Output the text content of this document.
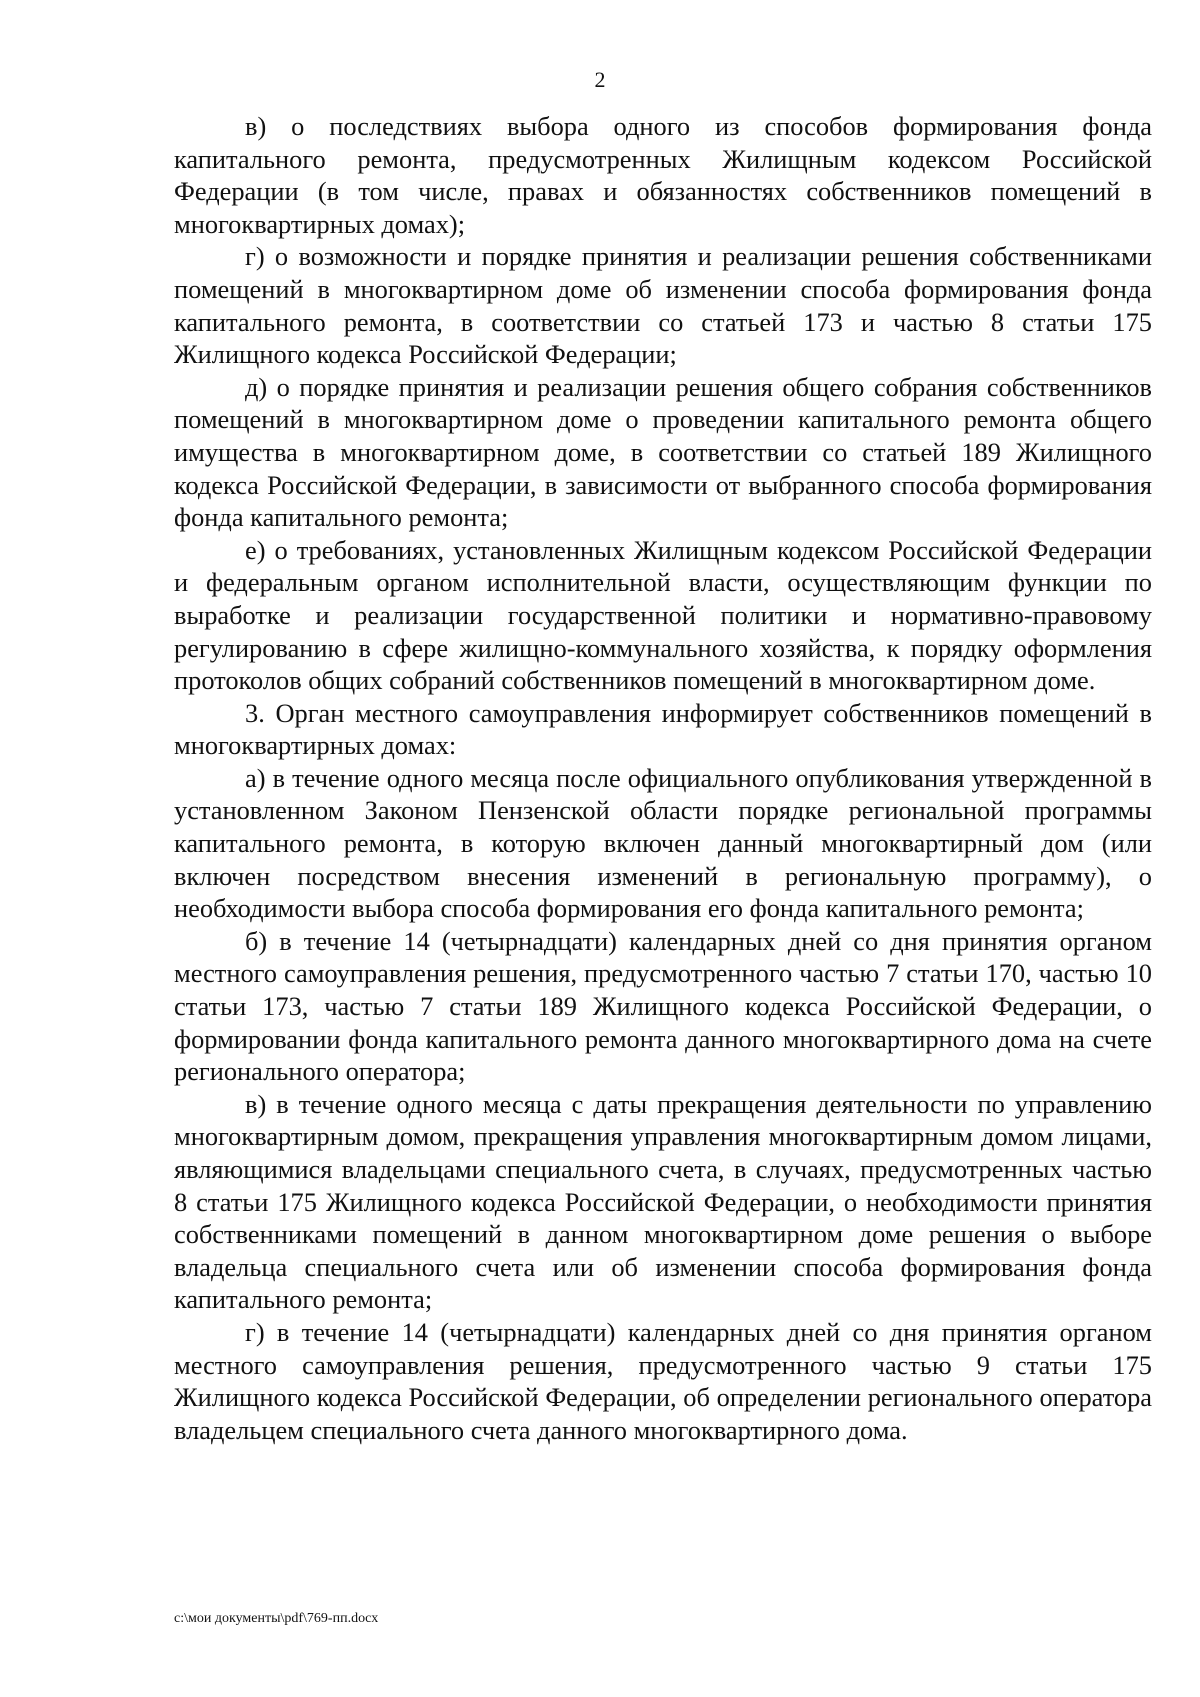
2

в) о последствиях выбора одного из способов формирования фонда капитального ремонта, предусмотренных Жилищным кодексом Российской Федерации (в том числе, правах и обязанностях собственников помещений в многоквартирных домах);

г) о возможности и порядке принятия и реализации решения собственниками помещений в многоквартирном доме об изменении способа формирования фонда капитального ремонта, в соответствии со статьей 173 и частью 8 статьи 175 Жилищного кодекса Российской Федерации;

д) о порядке принятия и реализации решения общего собрания собственников помещений в многоквартирном доме о проведении капитального ремонта общего имущества в многоквартирном доме, в соответствии со статьей 189 Жилищного кодекса Российской Федерации, в зависимости от выбранного способа формирования фонда капитального ремонта;

е) о требованиях, установленных Жилищным кодексом Российской Федерации и федеральным органом исполнительной власти, осуществляющим функции по выработке и реализации государственной политики и нормативно-правовому регулированию в сфере жилищно-коммунального хозяйства, к порядку оформления протоколов общих собраний собственников помещений в многоквартирном доме.

3. Орган местного самоуправления информирует собственников помещений в многоквартирных домах:

а) в течение одного месяца после официального опубликования утвержденной в установленном Законом Пензенской области порядке региональной программы капитального ремонта, в которую включен данный многоквартирный дом (или включен посредством внесения изменений в региональную программу), о необходимости выбора способа формирования его фонда капитального ремонта;

б) в течение 14 (четырнадцати) календарных дней со дня принятия органом местного самоуправления решения, предусмотренного частью 7 статьи 170, частью 10 статьи 173, частью 7 статьи 189 Жилищного кодекса Российской Федерации, о формировании фонда капитального ремонта данного многоквартирного дома на счете регионального оператора;

в) в течение одного месяца с даты прекращения деятельности по управлению многоквартирным домом, прекращения управления многоквартирным домом лицами, являющимися владельцами специального счета, в случаях, предусмотренных частью 8 статьи 175 Жилищного кодекса Российской Федерации, о необходимости принятия собственниками помещений в данном многоквартирном доме решения о выборе владельца специального счета или об изменении способа формирования фонда капитального ремонта;

г) в течение 14 (четырнадцати) календарных дней со дня принятия органом местного самоуправления решения, предусмотренного частью 9 статьи 175 Жилищного кодекса Российской Федерации, об определении регионального оператора владельцем специального счета данного многоквартирного дома.

c:\мои документы\pdf\769-пп.docx
